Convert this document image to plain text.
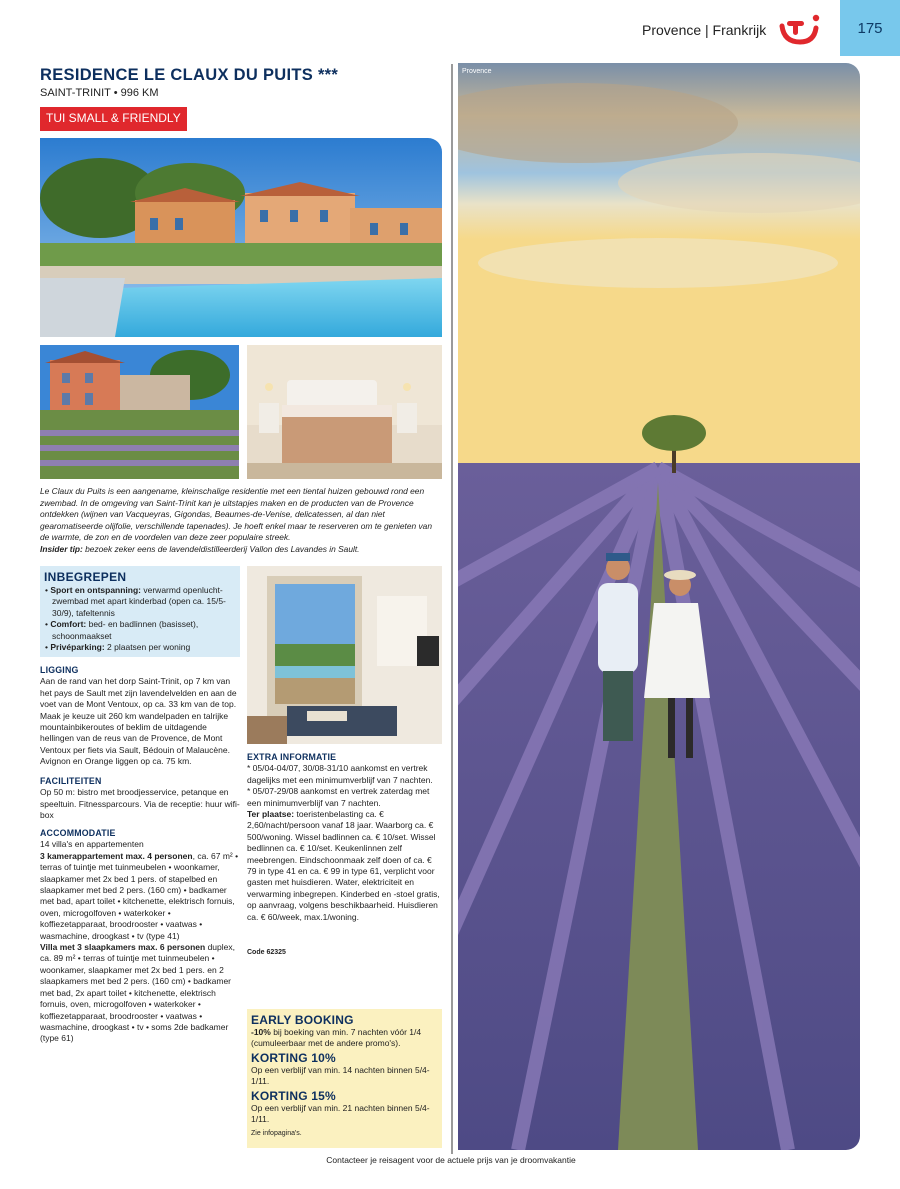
Provence | Frankrijk	175
RESIDENCE LE CLAUX DU PUITS ***
SAINT-TRINIT • 996 KM
TUI SMALL & FRIENDLY

Le Claux du Puits is een aangename, kleinschalige residentie met een tiental huizen gebouwd rond een zwembad. In de omgeving van Saint-Trinit kan je uitstapjes maken en de producten van de Provence ontdekken (wijnen van Vacqueyras, Gigondas, Beaumes-de-Venise, delicatessen, al dan niet gearomatiseerde olijfolie, verschillende tapenades). Je hoeft enkel maar te reserveren om te genieten van de warmte, de zon en de voordelen van deze zeer populaire streek.

Insider tip: bezoek zeker eens de lavendeldistilleerderij Vallon des Lavandes in Sault.

INBEGREPEN
• Sport en ontspanning: verwarmd openlucht-zwembad met apart kinderbad (open ca. 15/5-30/9), tafeltennis
• Comfort: bed- en badlinnen (basisset), schoonmaakset
• Privéparking: 2 plaatsen per woning
LIGGING

Aan de rand van het dorp Saint-Trinit, op 7 km van het pays de Sault met zijn lavendelvelden en aan de voet van de Mont Ventoux, op ca. 33 km van de top. Maak je keuze uit 260 km wandelpaden en talrijke mountainbikeroutes of beklim de uitdagende hellingen van de reus van de Provence, de Mont Ventoux per fiets via Sault, Bédouin of Malaucène. Avignon en Orange liggen op ca. 75 km.

FACILITEITEN

Op 50 m: bistro met broodjesservice, petanque en speeltuin. Fitnessparcours. Via de receptie: huur wifi-box

ACCOMMODATIE

14 villa's en appartementen

3 kamerappartement max. 4 personen, ca. 67 m² • terras of tuintje met tuinmeubelen • woonkamer, slaapkamer met 2x bed 1 pers. of stapelbed en slaapkamer met bed 2 pers. (160 cm) • badkamer met bad, apart toilet • kitchenette, elektrisch fornuis, oven, microgolfoven • waterkoker • koffiezetapparaat, broodrooster • vaatwas • wasmachine, droogkast • tv (type 41)

Villa met 3 slaapkamers max. 6 personen duplex, ca. 89 m² • terras of tuintje met tuinmeubelen • woonkamer, slaapkamer met 2x bed 1 pers. en 2 slaapkamers met bed 2 pers. (160 cm) • badkamer met bad, 2x apart toilet • kitchenette, elektrisch fornuis, oven, microgolfoven • waterkoker • koffiezetapparaat, broodrooster • vaatwas • wasmachine, droogkast • tv • soms 2de badkamer (type 61)

EXTRA INFORMATIE

* 05/04-04/07, 30/08-31/10 aankomst en vertrek dagelijks met een minimumverblijf van 7 nachten.

* 05/07-29/08 aankomst en vertrek zaterdag met een minimumverblijf van 7 nachten.

Ter plaatse: toeristenbelasting ca. € 2,60/nacht/persoon vanaf 18 jaar. Waarborg ca. € 500/woning. Wissel badlinnen ca. € 10/set. Wissel bedlinnen ca. € 10/set. Keukenlinnen zelf meebrengen. Eindschoonmaak zelf doen of ca. € 79 in type 41 en ca. € 99 in type 61, verplicht voor gasten met huisdieren. Water, elektriciteit en verwarming inbegrepen. Kinderbed en -stoel gratis, op aanvraag, volgens beschikbaarheid. Huisdieren ca. € 60/week, max.1/woning.

Code 62325
EARLY BOOKING

-10% bij boeking van min. 7 nachten vóór 1/4 (cumuleerbaar met de andere promo's).

KORTING 10%

Op een verblijf van min. 14 nachten binnen 5/4-1/11.

KORTING 15%

Op een verblijf van min. 21 nachten binnen 5/4-1/11.

Zie infopagina's.

Provence
Contacteer je reisagent voor de actuele prijs van je droomvakantie
